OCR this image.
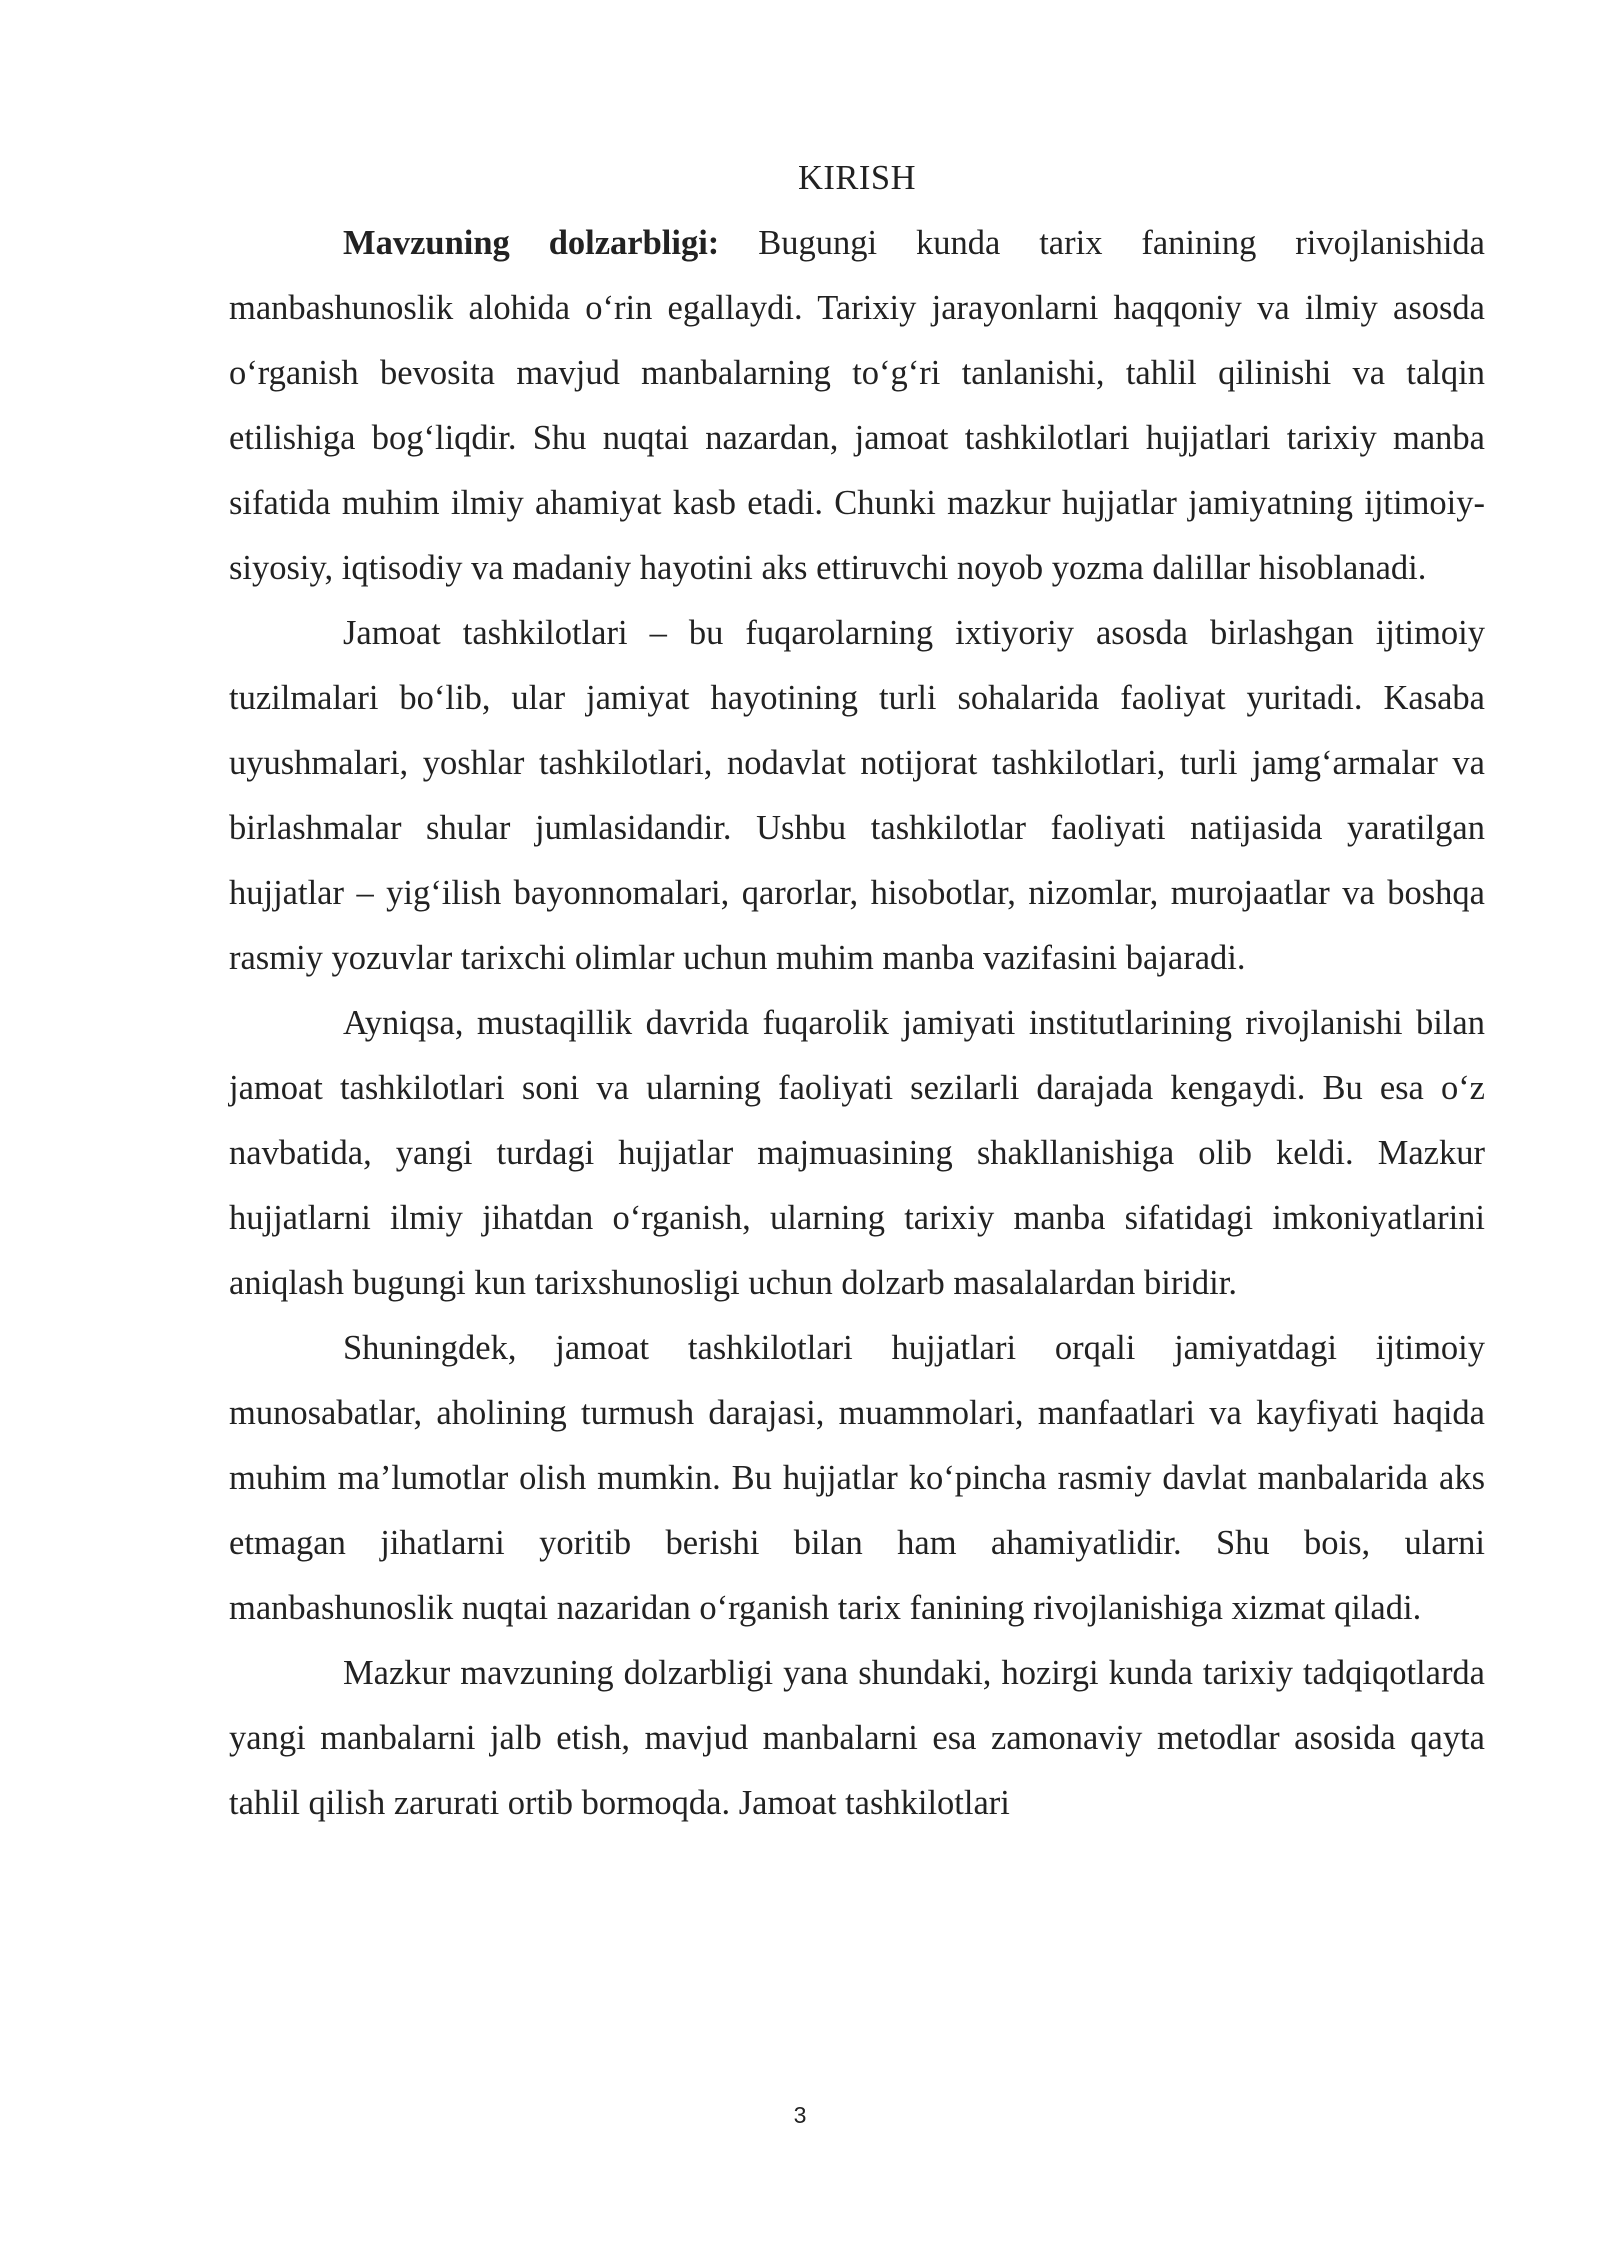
KIRISH

Mavzuning dolzarbligi: Bugungi kunda tarix fanining rivojlanishida manbashunoslik alohida o‘rin egallaydi. Tarixiy jarayonlarni haqqoniy va ilmiy asosda o‘rganish bevosita mavjud manbalarning to‘g‘ri tanlanishi, tahlil qilinishi va talqin etilishiga bog‘liqdir. Shu nuqtai nazardan, jamoat tashkilotlari hujjatlari tarixiy manba sifatida muhim ilmiy ahamiyat kasb etadi. Chunki mazkur hujjatlar jamiyatning ijtimoiy-siyosiy, iqtisodiy va madaniy hayotini aks ettiruvchi noyob yozma dalillar hisoblanadi.

Jamoat tashkilotlari – bu fuqarolarning ixtiyoriy asosda birlashgan ijtimoiy tuzilmalari bo‘lib, ular jamiyat hayotining turli sohalarida faoliyat yuritadi. Kasaba uyushmalari, yoshlar tashkilotlari, nodavlat notijorat tashkilotlari, turli jamg‘armalar va birlashmalar shular jumlasidandir. Ushbu tashkilotlar faoliyati natijasida yaratilgan hujjatlar – yig‘ilish bayonnomalari, qarorlar, hisobotlar, nizomlar, murojaatlar va boshqa rasmiy yozuvlar tarixchi olimlar uchun muhim manba vazifasini bajaradi.

Ayniqsa, mustaqillik davrida fuqarolik jamiyati institutlarining rivojlanishi bilan jamoat tashkilotlari soni va ularning faoliyati sezilarli darajada kengaydi. Bu esa o‘z navbatida, yangi turdagi hujjatlar majmuasining shakllanishiga olib keldi. Mazkur hujjatlarni ilmiy jihatdan o‘rganish, ularning tarixiy manba sifatidagi imkoniyatlarini aniqlash bugungi kun tarixshunosligi uchun dolzarb masalalardan biridir.

Shuningdek, jamoat tashkilotlari hujjatlari orqali jamiyatdagi ijtimoiy munosabatlar, aholining turmush darajasi, muammolari, manfaatlari va kayfiyati haqida muhim ma’lumotlar olish mumkin. Bu hujjatlar ko‘pincha rasmiy davlat manbalarida aks etmagan jihatlarni yoritib berishi bilan ham ahamiyatlidir. Shu bois, ularni manbashunoslik nuqtai nazaridan o‘rganish tarix fanining rivojlanishiga xizmat qiladi.

Mazkur mavzuning dolzarbligi yana shundaki, hozirgi kunda tarixiy tadqiqotlarda yangi manbalarni jalb etish, mavjud manbalarni esa zamonaviy metodlar asosida qayta tahlil qilish zarurati ortib bormoqda. Jamoat tashkilotlari

3
